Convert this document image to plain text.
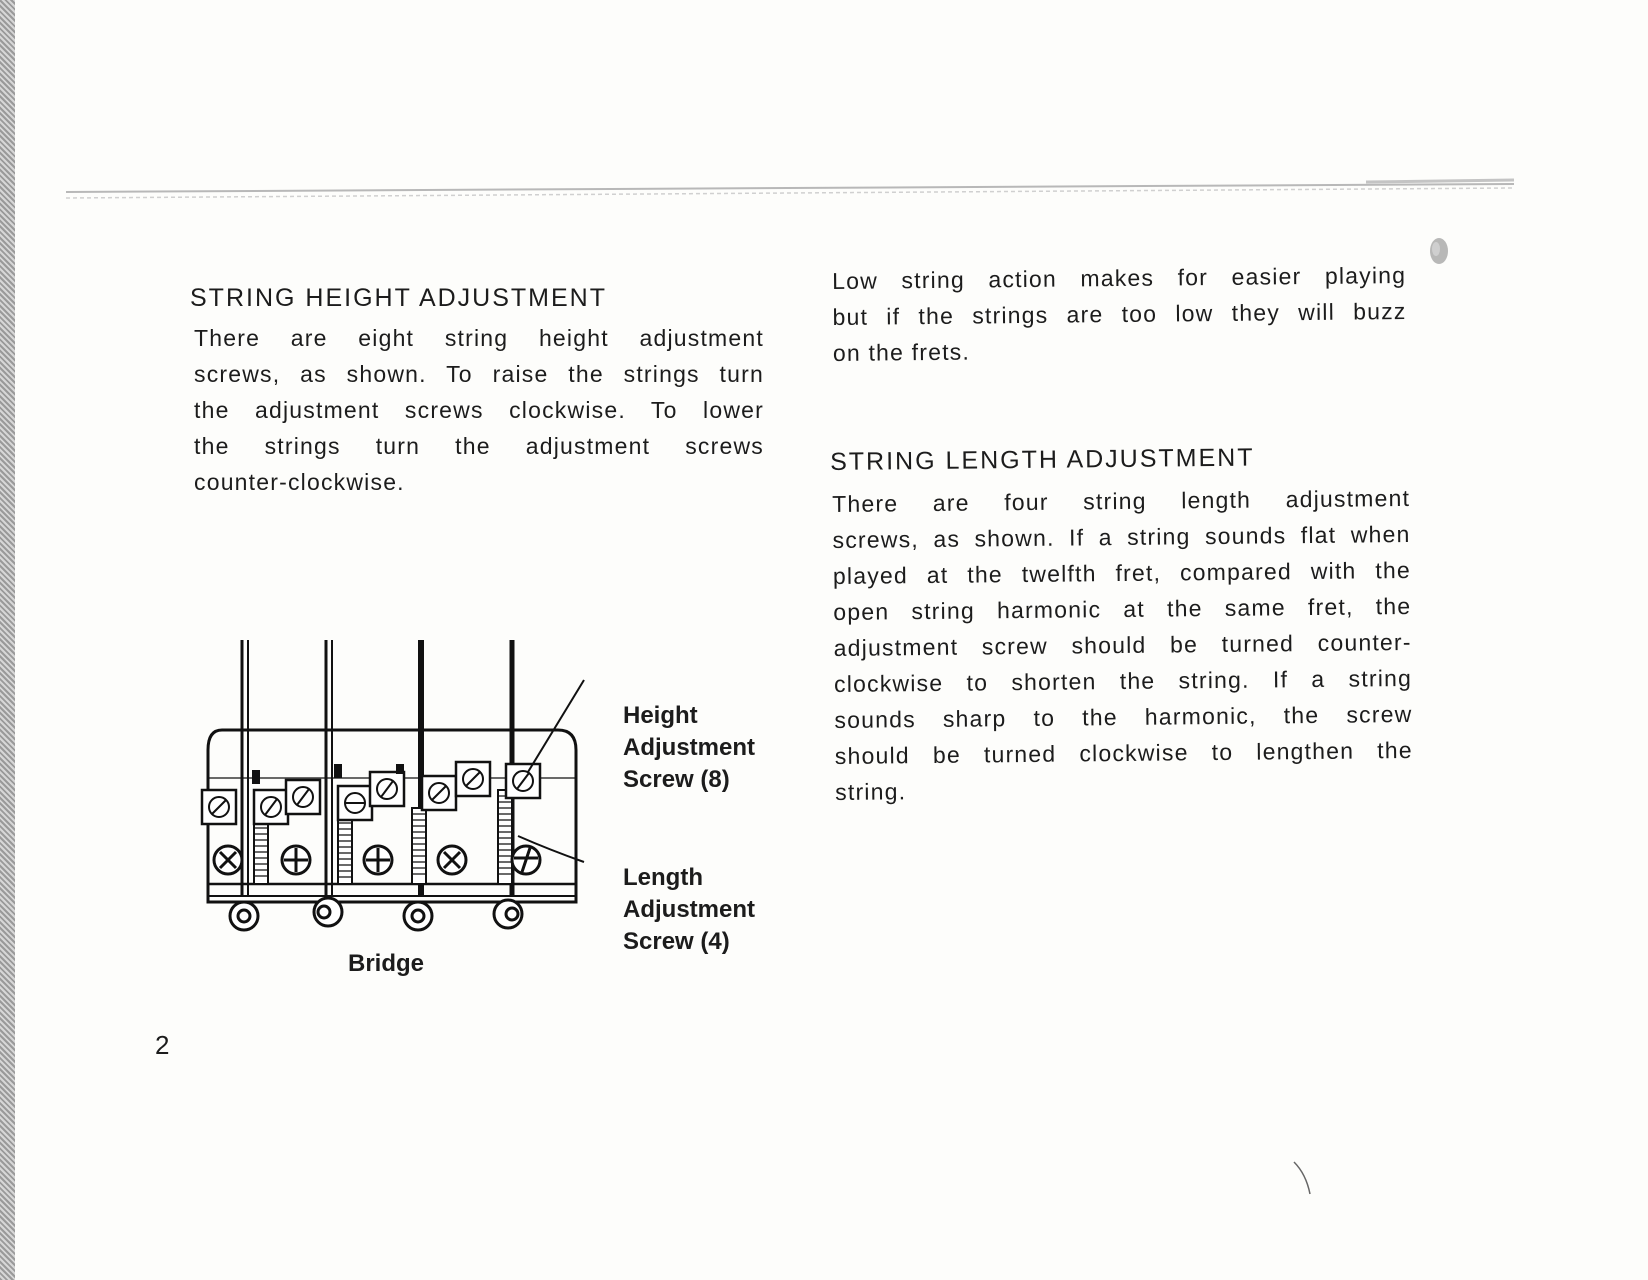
STRING HEIGHT ADJUSTMENT
There are eight string height adjustment
screws, as shown. To raise the strings turn
the adjustment screws clockwise. To lower
the strings turn the adjustment screws
counter-clockwise.
Height
Adjustment
Screw (8)
Length
Adjustment
Screw (4)

Bridge

Low string action makes for easier playing
but if the strings are too low they will buzz
on the frets.
STRING LENGTH ADJUSTMENT
There are four string length adjustment
screws, as shown. If a string sounds flat when
played at the twelfth fret, compared with the
open string harmonic at the same fret, the
adjustment screw should be turned counter-
clockwise to shorten the string. If a string
sounds sharp to the harmonic, the screw
should be turned clockwise to lengthen the
string.

2
